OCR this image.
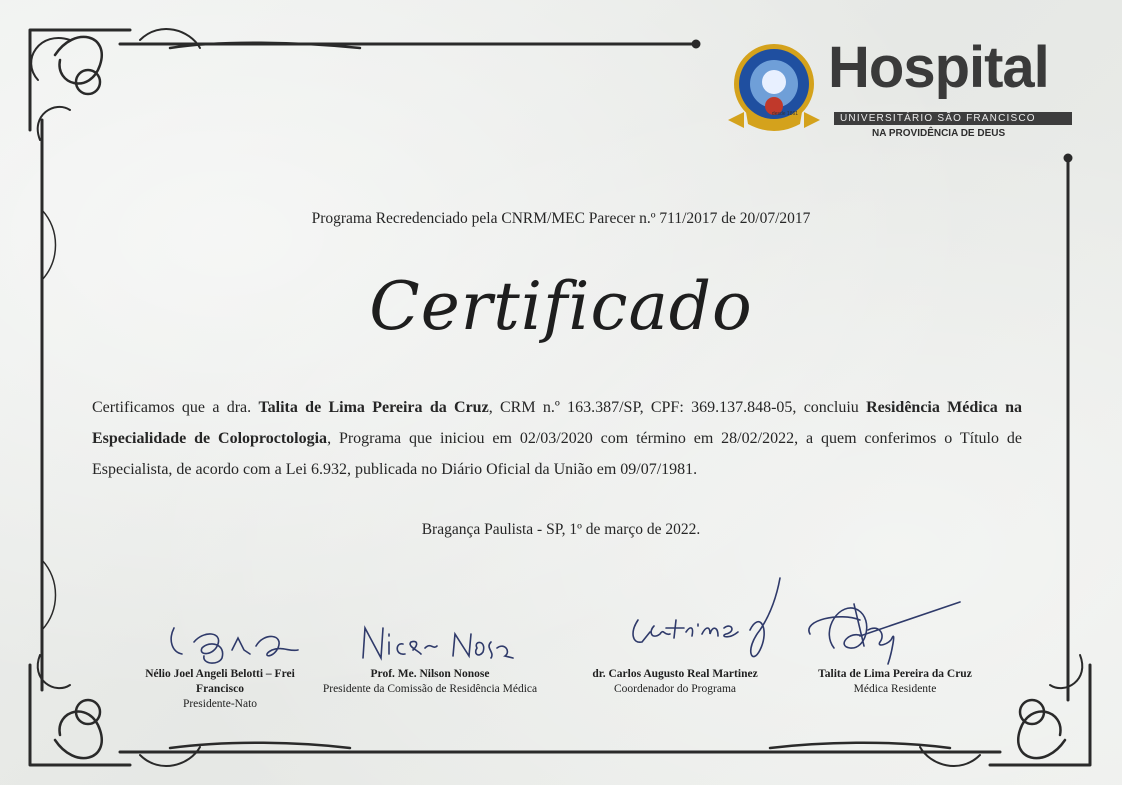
desde 1861
Hospital
UNIVERSITÁRIO SÃO FRANCISCO
NA PROVIDÊNCIA DE DEUS
Programa Recredenciado pela CNRM/MEC Parecer n.º 711/2017 de 20/07/2017
Certificado
Certificamos que a dra. Talita de Lima Pereira da Cruz, CRM n.º 163.387/SP, CPF: 369.137.848-05, concluiu Residência Médica na Especialidade de Coloproctologia, Programa que iniciou em 02/03/2020 com término em 28/02/2022, a quem conferimos o Título de Especialista, de acordo com a Lei 6.932, publicada no Diário Oficial da União em 09/07/1981.
Bragança Paulista - SP, 1º de março de 2022.
Nélio Joel Angeli Belotti – Frei Francisco
Presidente-Nato
Prof. Me. Nilson Nonose
Presidente da Comissão de Residência Médica
dr. Carlos Augusto Real Martinez
Coordenador do Programa
Talita de Lima Pereira da Cruz
Médica Residente
